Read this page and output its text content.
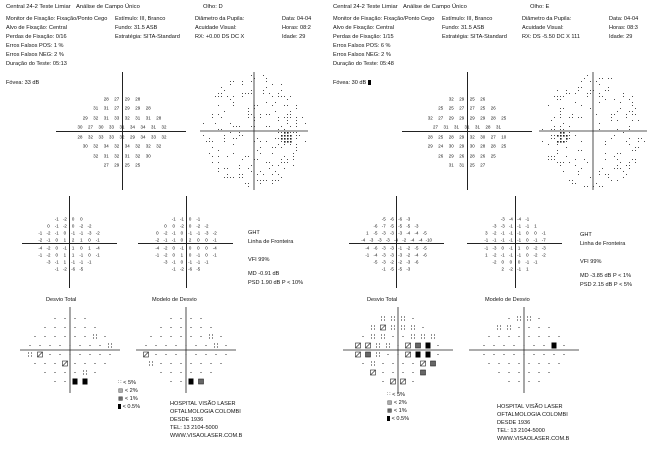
Central 24-2 Teste Limiar Análise de Campo Único	Olho: D
Monitor de Fixação: Fixação/Ponto Cego
Alvo de Fixação: Central
Perdas de Fixação: 0/16
Erros Falsos POS: 1 %
Erros Falsos NEG: 2 %
Duração do Teste: 05:13
Estímulo: III, Branco
Fundo: 31.5 ASB
Estratégia: SITA-Standard
Diâmetro da Pupila:
Acuidade Visual:
RX: +0.00 DS DC X
Data: 04-04
Horas: 08:2
Idade: 29
Fóvea: 33 dB
28 27 29 28
31 31 27 29 29 28
29 32 31 33 32 31 31 28
30 27 30 33 31 34 34 31 32
28 32 33 33 32 29 34 33 32
30 32 34 32 34 32 32 32
32 31 32 31 32 30
27 29 25 25
-1 -2 0 0
0 -1 -2 0 -2 -2
-1 -2 -1 0 -1 -1 -3 -2
-2 -1 0 1 2 1 0 -1
-4 -2 0 -1 1 0 1 -4
-1 -2 0 1 1 -1 0 -1
-3 -1 1 -1 -1 -1
-1 -2 -6 -5
-1 -1 0 -1
0 0 -2 0 -2 -2
0 -2 -1 0 -1 -1 -3 -2
-2 -1 -1 0 2 0 0 -1
-4 -2 0 -1 0 0 0 -4
-1 -2 0 1 0 -1 0 -1
-3 -1 0 -1 -1 -1
-1 -2 -6 -5
GHT
Linha de Fronteira
VFI 99%
MD -0.91 dB
PSD 1.90 dB P < 10%
Desvio Total	Modelo de Desvio
∷ < 5%
▨ < 2%
▩ < 1%
< 0.5%	HOSPITAL VISÃO LASER
OFTALMOLOGIA COLOMBI
DESDE 1936
TEL: 13 2104-5000
WWW.VISAOLASER.COM.B
Central 24-2 Teste Limiar Análise de Campo Único	Olho: E
Monitor de Fixação: Fixação/Ponto Cego
Alvo de Fixação: Central
Perdas de Fixação: 1/15
Erros Falsos POS: 6 %
Erros Falsos NEG: 2 %
Duração do Teste: 05:48
Estímulo: III, Branco
Fundo: 31.5 ASB
Estratégia: SITA-Standard
Diâmetro da Pupila:
Acuidade Visual:
RX: DS -5.50 DC X 111
Data: 04-04
Horas: 08:3
Idade: 29
Fóvea: 30 dB
32 29 25 26
25 25 27 27 25 26
32 27 29 29 29 29 28 25
27 31 31 31 31 28 31
28 25 28 29 32 30 27 10
29 24 30 29 30 28 28 25
26 29 26 28 26 25
31 31 25 27
-5 -6 -6 -3
-6 -7 -5 -5 -5 -3
1 -5 -3 -3 -3 -4 -4 -5
-4 -3 -3 -3 -4 -2 -4 -4 -10
-4 -6 -3 -3 -1 -2 -5 -5
-1 -4 -3 -3 -3 -2 -4 -6
-5 -3 -2 -2 -3 -6
-1 -5 -5 -3
-3 -4 -4 -1
-3 -3 -1 -1 -1 1
3 -2 -1 -1 -1 0 0 -1
-1 -1 -1 -1 -1 0 -1 -7
-1 -3 0 -1 1 0 -2 -3
1 -2 -1 -1 -1 0 -2 -2
-2 0 0 0 -1 -1
2 -2 -1 1
GHT
Linha de Fronteira
VFI 99%
MD -3.85 dB P < 1%
PSD 2.15 dB P < 5%
Desvio Total	Modelo de Desvio
∷ < 5%
▨ < 2%
▩ < 1%
< 0.5%
HOSPITAL VISÃO LASER
OFTALMOLOGIA COLOMBI
DESDE 1936
TEL: 13 2104-5000
WWW.VISAOLASER.COM.B
